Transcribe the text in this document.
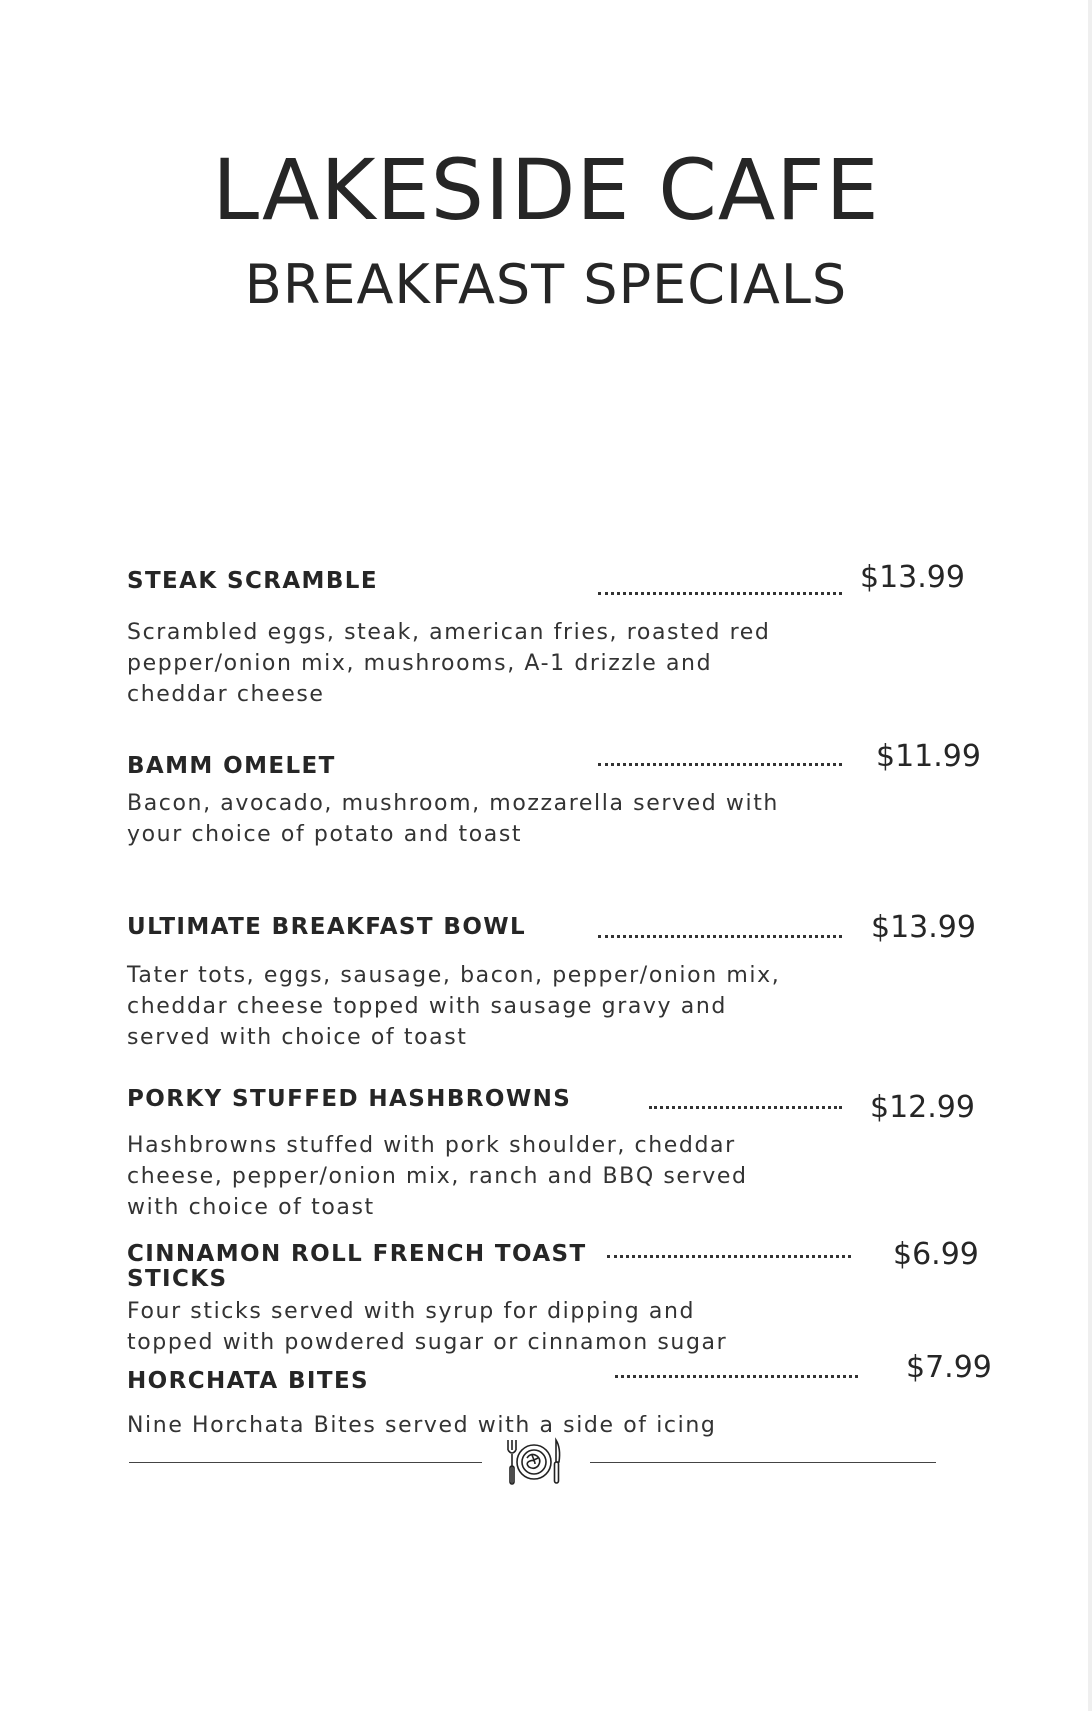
LAKESIDE CAFE
BREAKFAST SPECIALS
STEAK SCRAMBLE	$13.99

Scrambled eggs, steak, american fries, roasted red pepper/onion mix, mushrooms, A-1 drizzle and cheddar cheese

BAMM OMELET	$11.99

Bacon, avocado, mushroom, mozzarella served with your choice of potato and toast

ULTIMATE BREAKFAST BOWL	$13.99

Tater tots, eggs, sausage, bacon, pepper/onion mix, cheddar cheese topped with sausage gravy and served with choice of toast

PORKY STUFFED HASHBROWNS	$12.99

Hashbrowns stuffed with pork shoulder, cheddar cheese, pepper/onion mix, ranch and BBQ served with choice of toast

CINNAMON ROLL FRENCH TOAST STICKS
$6.99

Four sticks served with syrup for dipping and topped with powdered sugar or cinnamon sugar

HORCHATA BITES	$7.99

Nine Horchata Bites served with a side of icing
